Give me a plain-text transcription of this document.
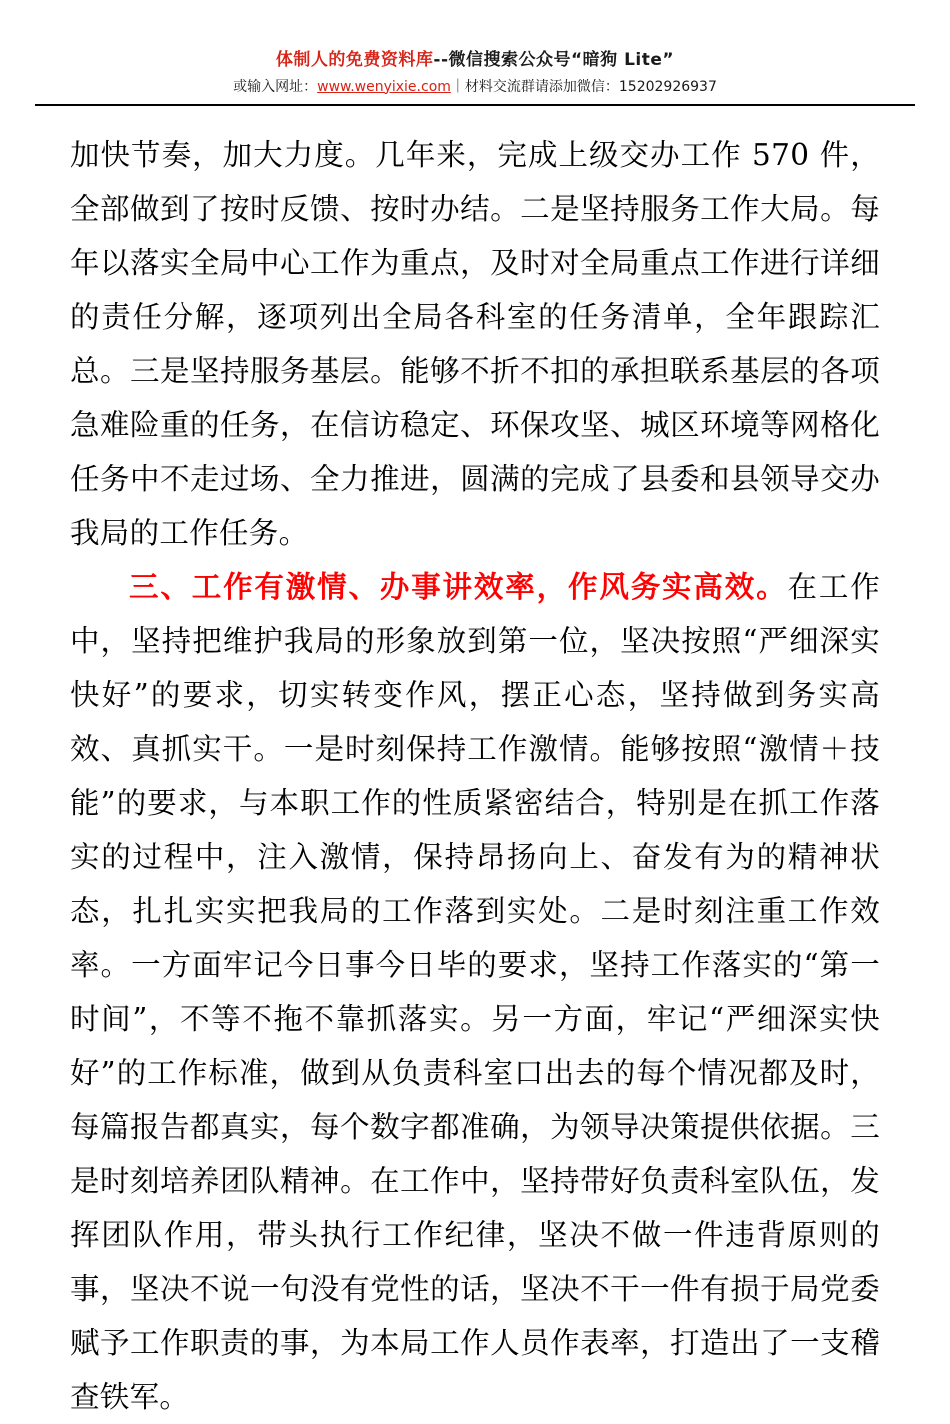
体制人的免费资料库--微信搜索公众号“暗狗 Lite”
或输入网址：www.wenyixie.com｜材料交流群请添加微信：15202926937

加快节奏，加大力度。几年来，完成上级交办工作 570 件，全部做到了按时反馈、按时办结。二是坚持服务工作大局。每年以落实全局中心工作为重点，及时对全局重点工作进行详细的责任分解，逐项列出全局各科室的任务清单，全年跟踪汇总。三是坚持服务基层。能够不折不扣的承担联系基层的各项急难险重的任务，在信访稳定、环保攻坚、城区环境等网格化任务中不走过场、全力推进，圆满的完成了县委和县领导交办我局的工作任务。

三、工作有激情、办事讲效率，作风务实高效。在工作中，坚持把维护我局的形象放到第一位，坚决按照“严细深实快好”的要求，切实转变作风，摆正心态，坚持做到务实高效、真抓实干。一是时刻保持工作激情。能够按照“激情＋技能”的要求，与本职工作的性质紧密结合，特别是在抓工作落实的过程中，注入激情，保持昂扬向上、奋发有为的精神状态，扎扎实实把我局的工作落到实处。二是时刻注重工作效率。一方面牢记今日事今日毕的要求，坚持工作落实的“第一时间”，不等不拖不靠抓落实。另一方面，牢记“严细深实快好”的工作标准，做到从负责科室口出去的每个情况都及时，每篇报告都真实，每个数字都准确，为领导决策提供依据。三是时刻培养团队精神。在工作中，坚持带好负责科室队伍，发挥团队作用，带头执行工作纪律，坚决不做一件违背原则的事，坚决不说一句没有党性的话，坚决不干一件有损于局党委赋予工作职责的事，为本局工作人员作表率，打造出了一支稽查铁军。
